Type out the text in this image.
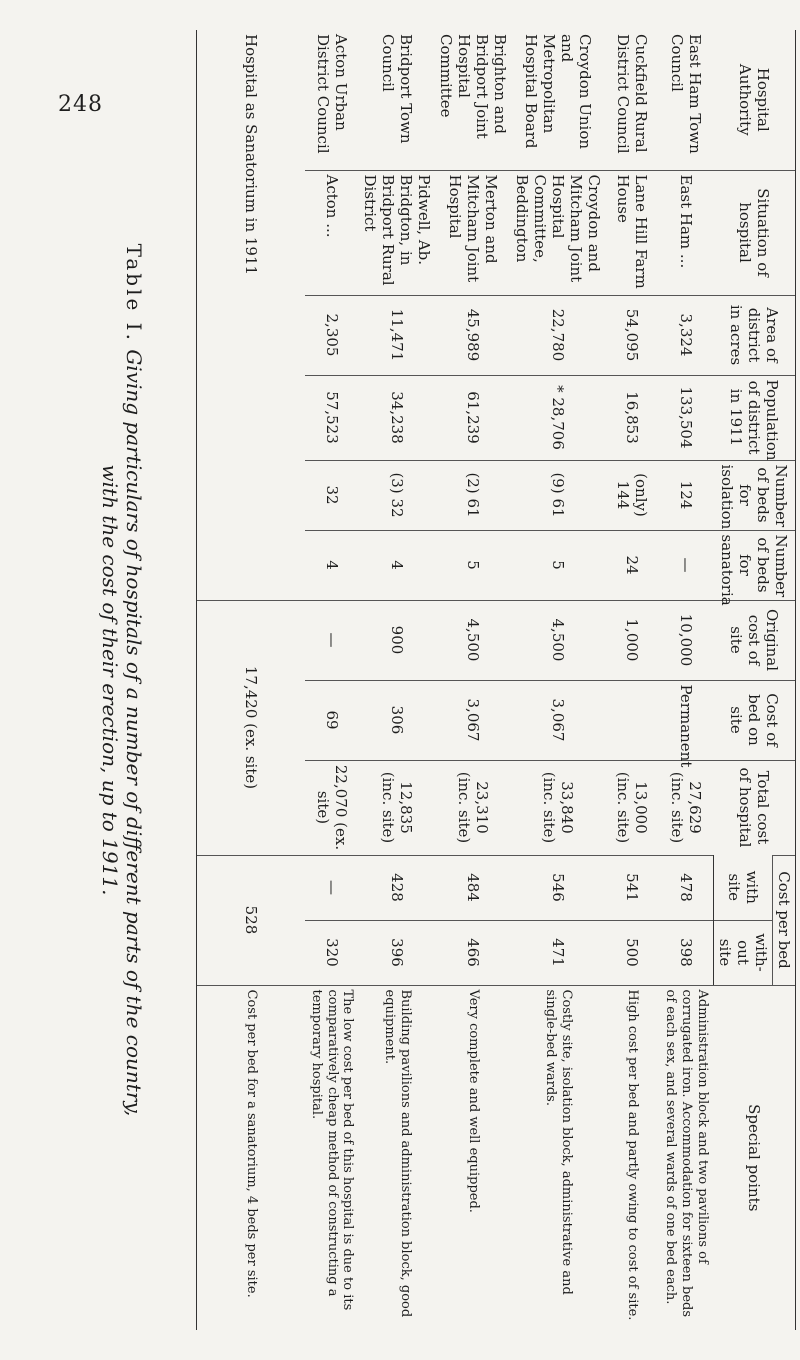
248	Hospital Authority	Situation of hospital	Area of district in acres	Population of district in 1911	Number of beds for isolation	Number of beds for sanatoria	Original cost of site	Cost of bed on site	Total cost of hospital	Cost per bed		Special points
									with site	with-out site	
East Ham Town Council	East Ham ...	3,324	133,504	124	—	10,000	Permanent	27,629 (inc. site)	478	398	Administration block and two pavilions of corrugated iron. Accommodation for sixteen beds of each sex, and several wards of one bed each.
Cuckfield Rural District Council	Lane Hill Farm House	54,095	16,853	(only) 144	24	1,000		13,000 (inc. site)	541	500	High cost per bed and partly owing to cost of site.
Croydon Union and Metropolitan Hospital Board	Croydon and Mitcham Joint Hospital Committee, Beddington	22,780	* 28,706	(9) 61	5	4,500	3,067	33,840 (inc. site)	546	471	Costly site, isolation block, administrative and single-bed wards.
Brighton and Bridport Joint Hospital Committee	Merton and Mitcham Joint Hospital	45,989	61,239	(2) 61	5	4,500	3,067	23,310 (inc. site)	484	466	Very complete and well equipped.
Bridport Town Council	Pidwell, Ab. Bridgton, in Bridport Rural District	11,471	34,238	(3) 32	4	900	306	12,835 (inc. site)	428	396	Building pavilions and administration block, good equipment.
Acton Urban District Council	Acton ...	2,305	57,523	32	4	—	69	22,070 (ex. site)	—	320	The low cost per bed of this hospital is due to its comparatively cheap method of constructing a temporary hospital.
Hospital as Sanatorium in 1911						17,420 (ex. site)			528		Cost per bed for a sanatorium, 4 beds per site.
Table I. Giving particulars of hospitals of a number of different parts of the country,
with the cost of their erection, up to 1911.
